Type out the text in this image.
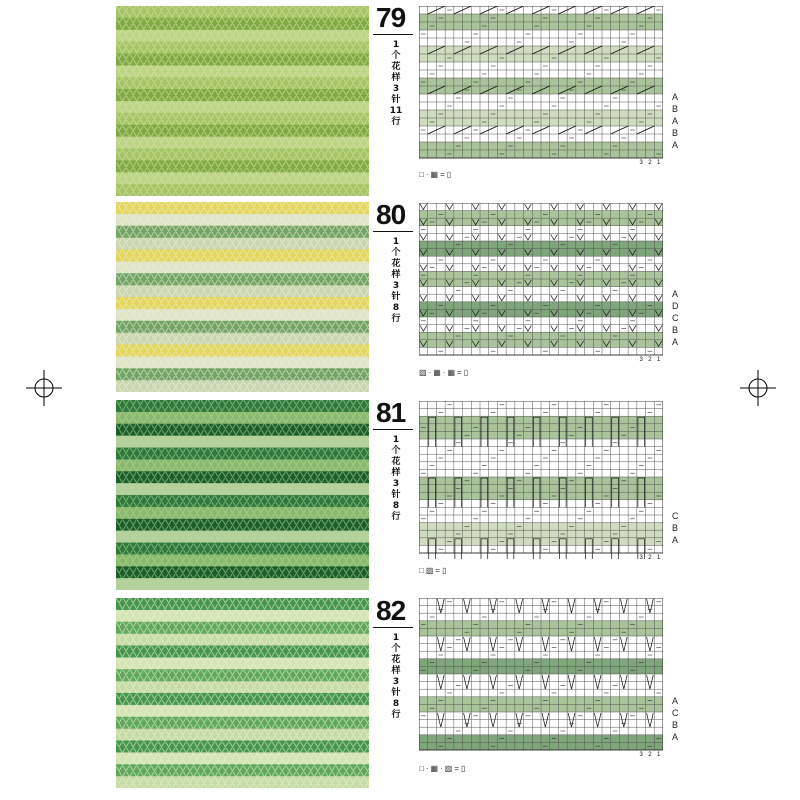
79
1个花样3针11行
3 2 1
A
B
A
B
A
□ · ▦ = ▯
80
1个花样3针8行
3 2 1
A
D
C
B
A
▨ · ▦ · ▦ = ▯
81
1个花样3针8行
3 2 1
C
B
A
□ ▨ = ▯
82
1个花样3针8行
3 2 1
A
C
B
A
□ · ▦ · ▨ = ▯
